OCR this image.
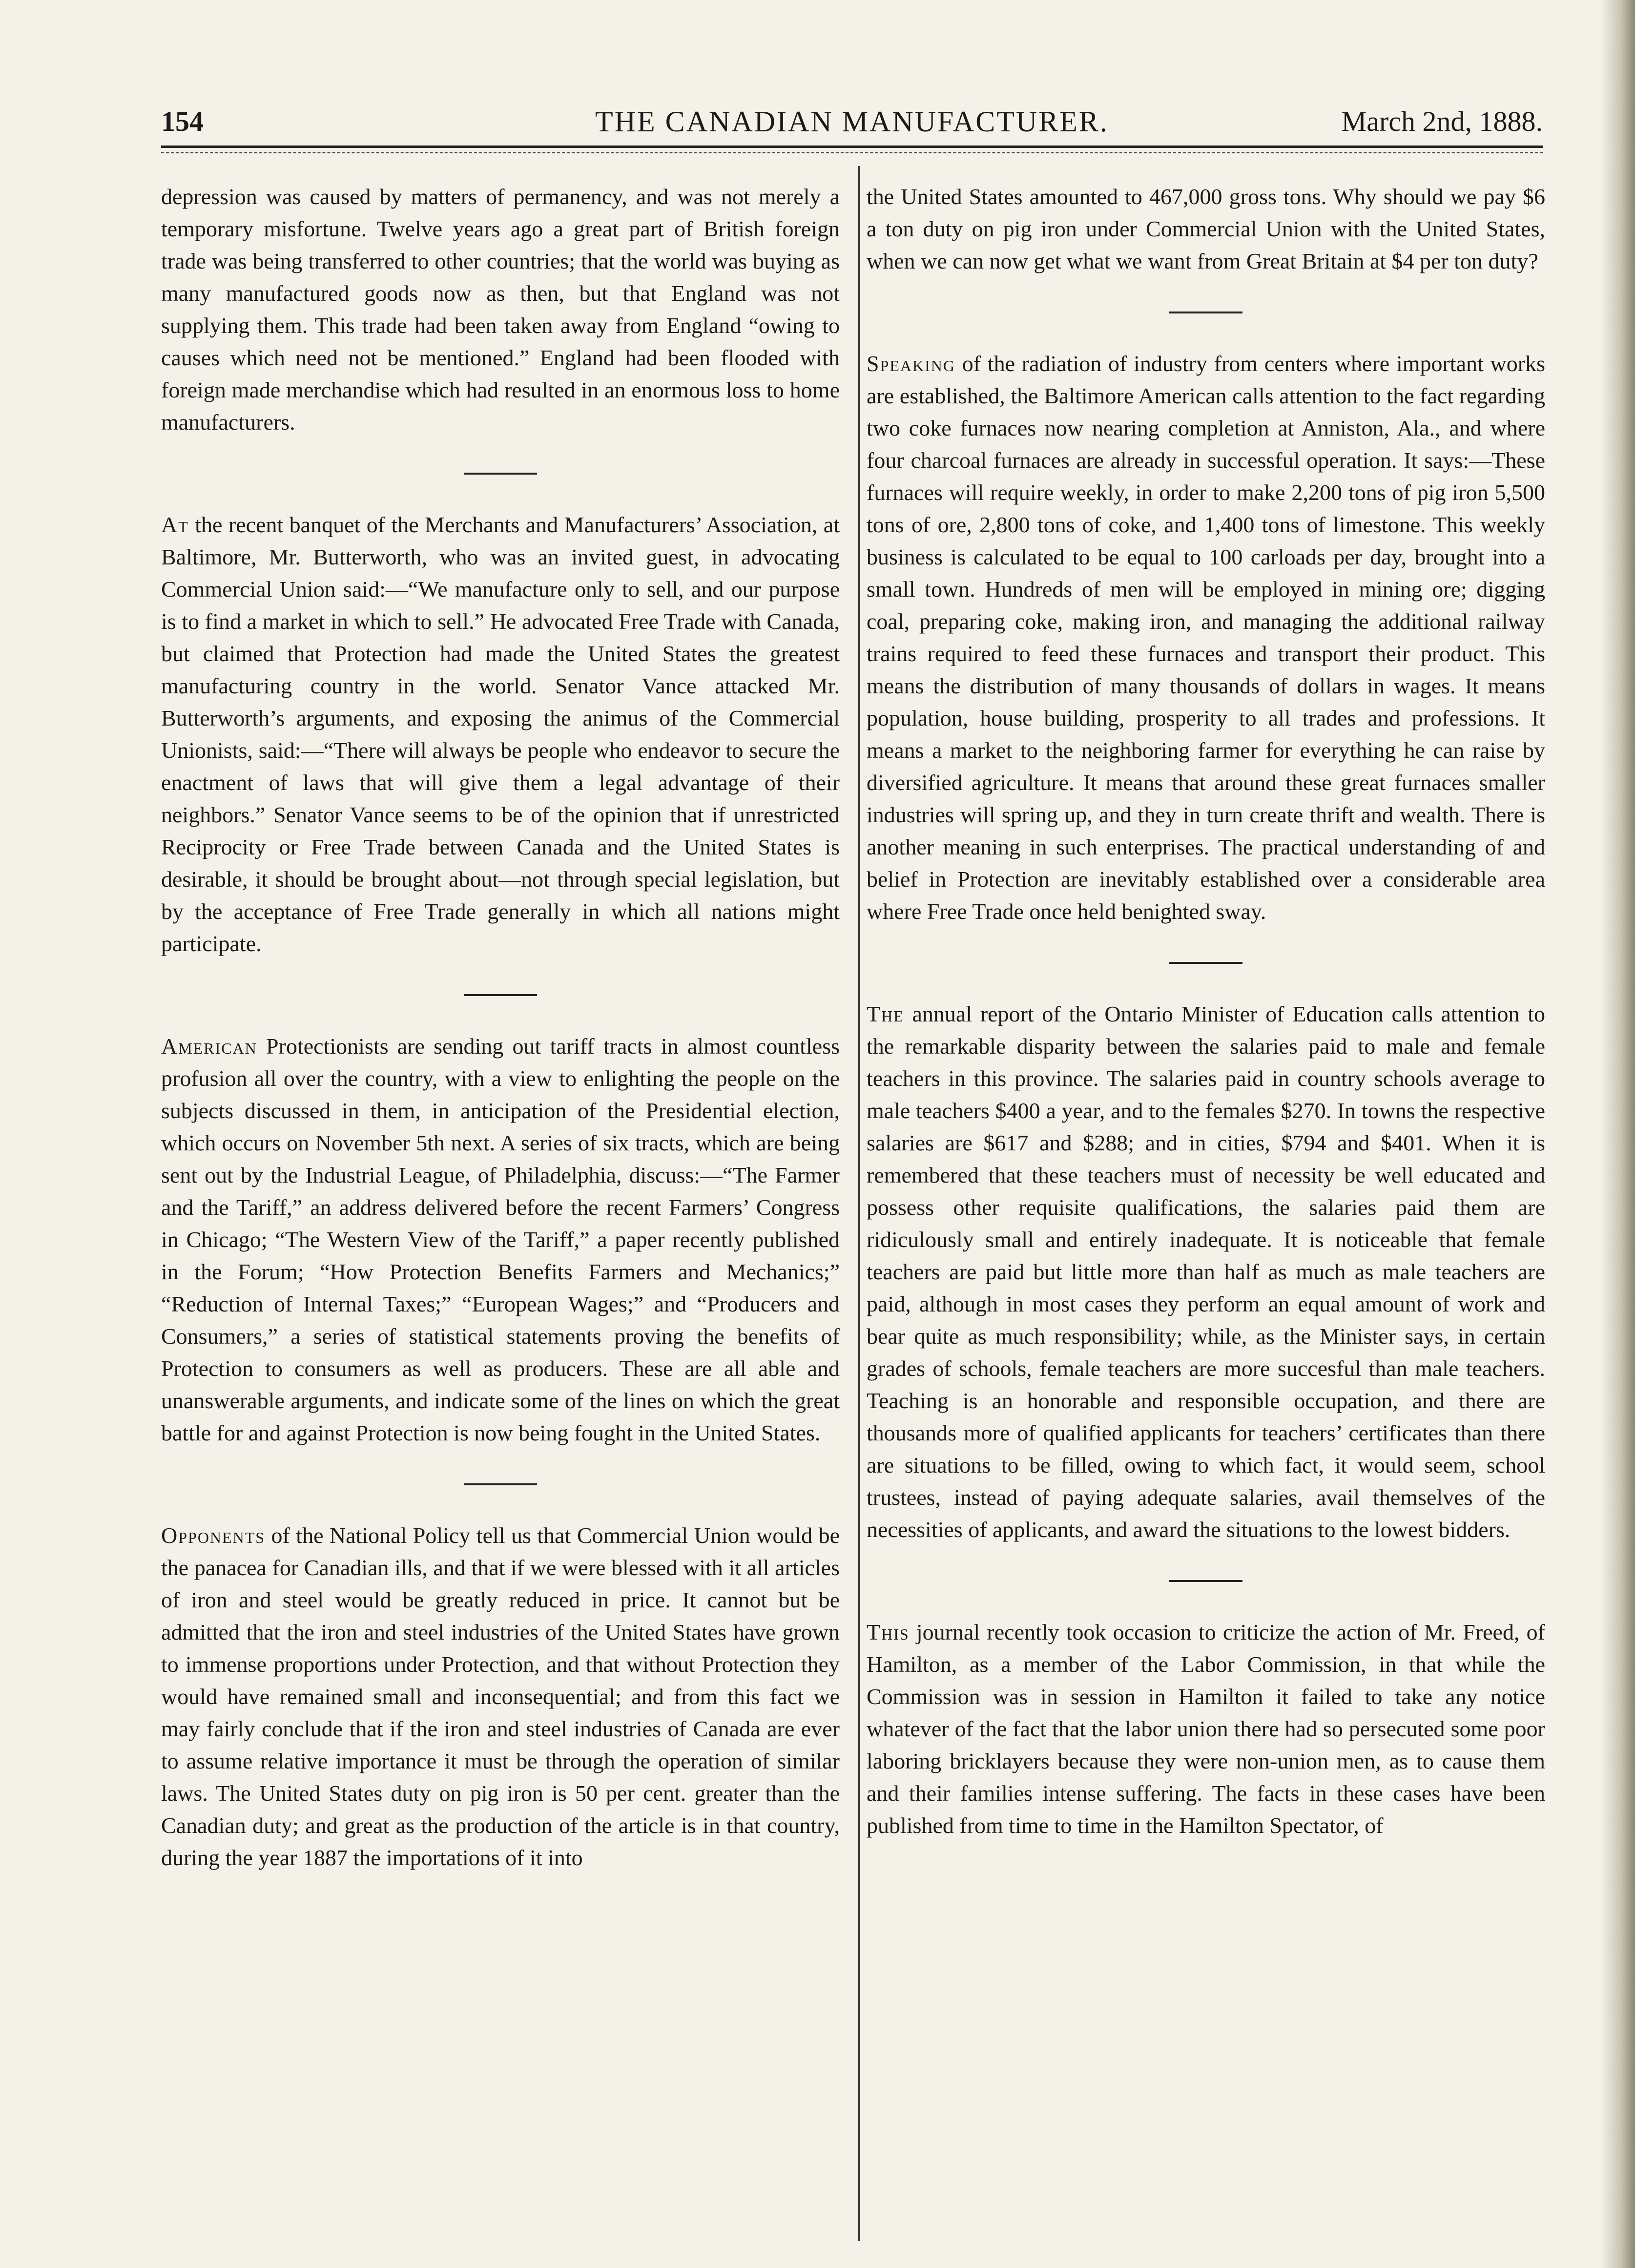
154	THE CANADIAN MANUFACTURER.	March 2nd, 1888.

depression was caused by matters of permanency, and was not merely a temporary misfortune. Twelve years ago a great part of British foreign trade was being transferred to other countries; that the world was buying as many manufactured goods now as then, but that England was not supplying them. This trade had been taken away from England “owing to causes which need not be mentioned.” England had been flooded with foreign made merchandise which had resulted in an enormous loss to home manufacturers.

At the recent banquet of the Merchants and Manufacturers’ Association, at Baltimore, Mr. Butterworth, who was an invited guest, in advocating Commercial Union said:—“We manufacture only to sell, and our purpose is to find a market in which to sell.” He advocated Free Trade with Canada, but claimed that Protection had made the United States the greatest manufacturing country in the world. Senator Vance attacked Mr. Butterworth’s arguments, and exposing the animus of the Commercial Unionists, said:—“There will always be people who endeavor to secure the enactment of laws that will give them a legal advantage of their neighbors.” Senator Vance seems to be of the opinion that if unrestricted Reciprocity or Free Trade between Canada and the United States is desirable, it should be brought about—not through special legislation, but by the acceptance of Free Trade generally in which all nations might participate.

American Protectionists are sending out tariff tracts in almost countless profusion all over the country, with a view to enlighting the people on the subjects discussed in them, in anticipation of the Presidential election, which occurs on November 5th next. A series of six tracts, which are being sent out by the Industrial League, of Philadelphia, discuss:—“The Farmer and the Tariff,” an address delivered before the recent Farmers’ Congress in Chicago; “The Western View of the Tariff,” a paper recently published in the Forum; “How Protection Benefits Farmers and Mechanics;” “Reduction of Internal Taxes;” “European Wages;” and “Producers and Consumers,” a series of statistical statements proving the benefits of Protection to consumers as well as producers. These are all able and unanswerable arguments, and indicate some of the lines on which the great battle for and against Protection is now being fought in the United States.

Opponents of the National Policy tell us that Commercial Union would be the panacea for Canadian ills, and that if we were blessed with it all articles of iron and steel would be greatly reduced in price. It cannot but be admitted that the iron and steel industries of the United States have grown to immense proportions under Protection, and that without Protection they would have remained small and inconsequential; and from this fact we may fairly conclude that if the iron and steel industries of Canada are ever to assume relative importance it must be through the operation of similar laws. The United States duty on pig iron is 50 per cent. greater than the Canadian duty; and great as the production of the article is in that country, during the year 1887 the importations of it into

the United States amounted to 467,000 gross tons. Why should we pay $6 a ton duty on pig iron under Commercial Union with the United States, when we can now get what we want from Great Britain at $4 per ton duty?

Speaking of the radiation of industry from centers where important works are established, the Baltimore American calls attention to the fact regarding two coke furnaces now nearing completion at Anniston, Ala., and where four charcoal furnaces are already in successful operation. It says:—These furnaces will require weekly, in order to make 2,200 tons of pig iron 5,500 tons of ore, 2,800 tons of coke, and 1,400 tons of limestone. This weekly business is calculated to be equal to 100 carloads per day, brought into a small town. Hundreds of men will be employed in mining ore; digging coal, preparing coke, making iron, and managing the additional railway trains required to feed these furnaces and transport their product. This means the distribution of many thousands of dollars in wages. It means population, house building, prosperity to all trades and professions. It means a market to the neighboring farmer for everything he can raise by diversified agriculture. It means that around these great furnaces smaller industries will spring up, and they in turn create thrift and wealth. There is another meaning in such enterprises. The practical understanding of and belief in Protection are inevitably established over a considerable area where Free Trade once held benighted sway.

The annual report of the Ontario Minister of Education calls attention to the remarkable disparity between the salaries paid to male and female teachers in this province. The salaries paid in country schools average to male teachers $400 a year, and to the females $270. In towns the respective salaries are $617 and $288; and in cities, $794 and $401. When it is remembered that these teachers must of necessity be well educated and possess other requisite qualifications, the salaries paid them are ridiculously small and entirely inadequate. It is noticeable that female teachers are paid but little more than half as much as male teachers are paid, although in most cases they perform an equal amount of work and bear quite as much responsibility; while, as the Minister says, in certain grades of schools, female teachers are more succesful than male teachers. Teaching is an honorable and responsible occupation, and there are thousands more of qualified applicants for teachers’ certificates than there are situations to be filled, owing to which fact, it would seem, school trustees, instead of paying adequate salaries, avail themselves of the necessities of applicants, and award the situations to the lowest bidders.

This journal recently took occasion to criticize the action of Mr. Freed, of Hamilton, as a member of the Labor Commission, in that while the Commission was in session in Hamilton it failed to take any notice whatever of the fact that the labor union there had so persecuted some poor laboring bricklayers because they were non-union men, as to cause them and their families intense suffering. The facts in these cases have been published from time to time in the Hamilton Spectator, of
